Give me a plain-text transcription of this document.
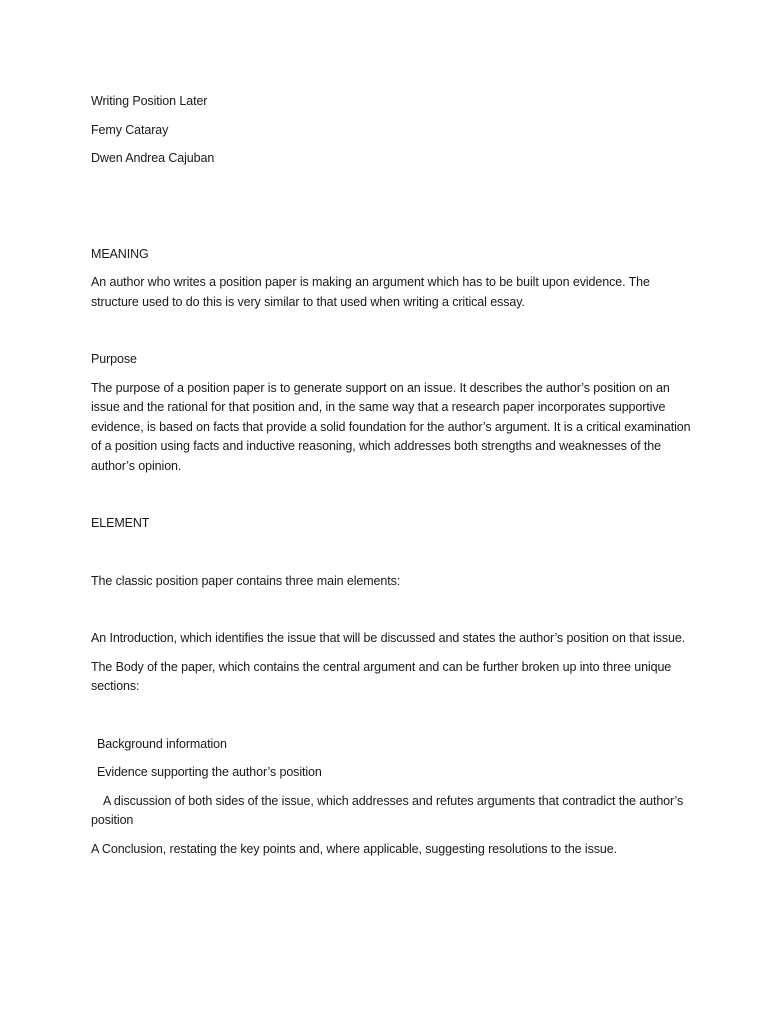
Writing Position Later

Femy Cataray

Dwen Andrea Cajuban

MEANING

An author who writes a position paper is making an argument which has to be built upon evidence. The structure used to do this is very similar to that used when writing a critical essay.

Purpose

The purpose of a position paper is to generate support on an issue. It describes the author’s position on an issue and the rational for that position and, in the same way that a research paper incorporates supportive evidence, is based on facts that provide a solid foundation for the author’s argument. It is a critical examination of a position using facts and inductive reasoning, which addresses both strengths and weaknesses of the author’s opinion.

ELEMENT

The classic position paper contains three main elements:

An Introduction, which identifies the issue that will be discussed and states the author’s position on that issue.

The Body of the paper, which contains the central argument and can be further broken up into three unique sections:

Background information

Evidence supporting the author’s position

A discussion of both sides of the issue, which addresses and refutes arguments that contradict the author’s position

A Conclusion, restating the key points and, where applicable, suggesting resolutions to the issue.
